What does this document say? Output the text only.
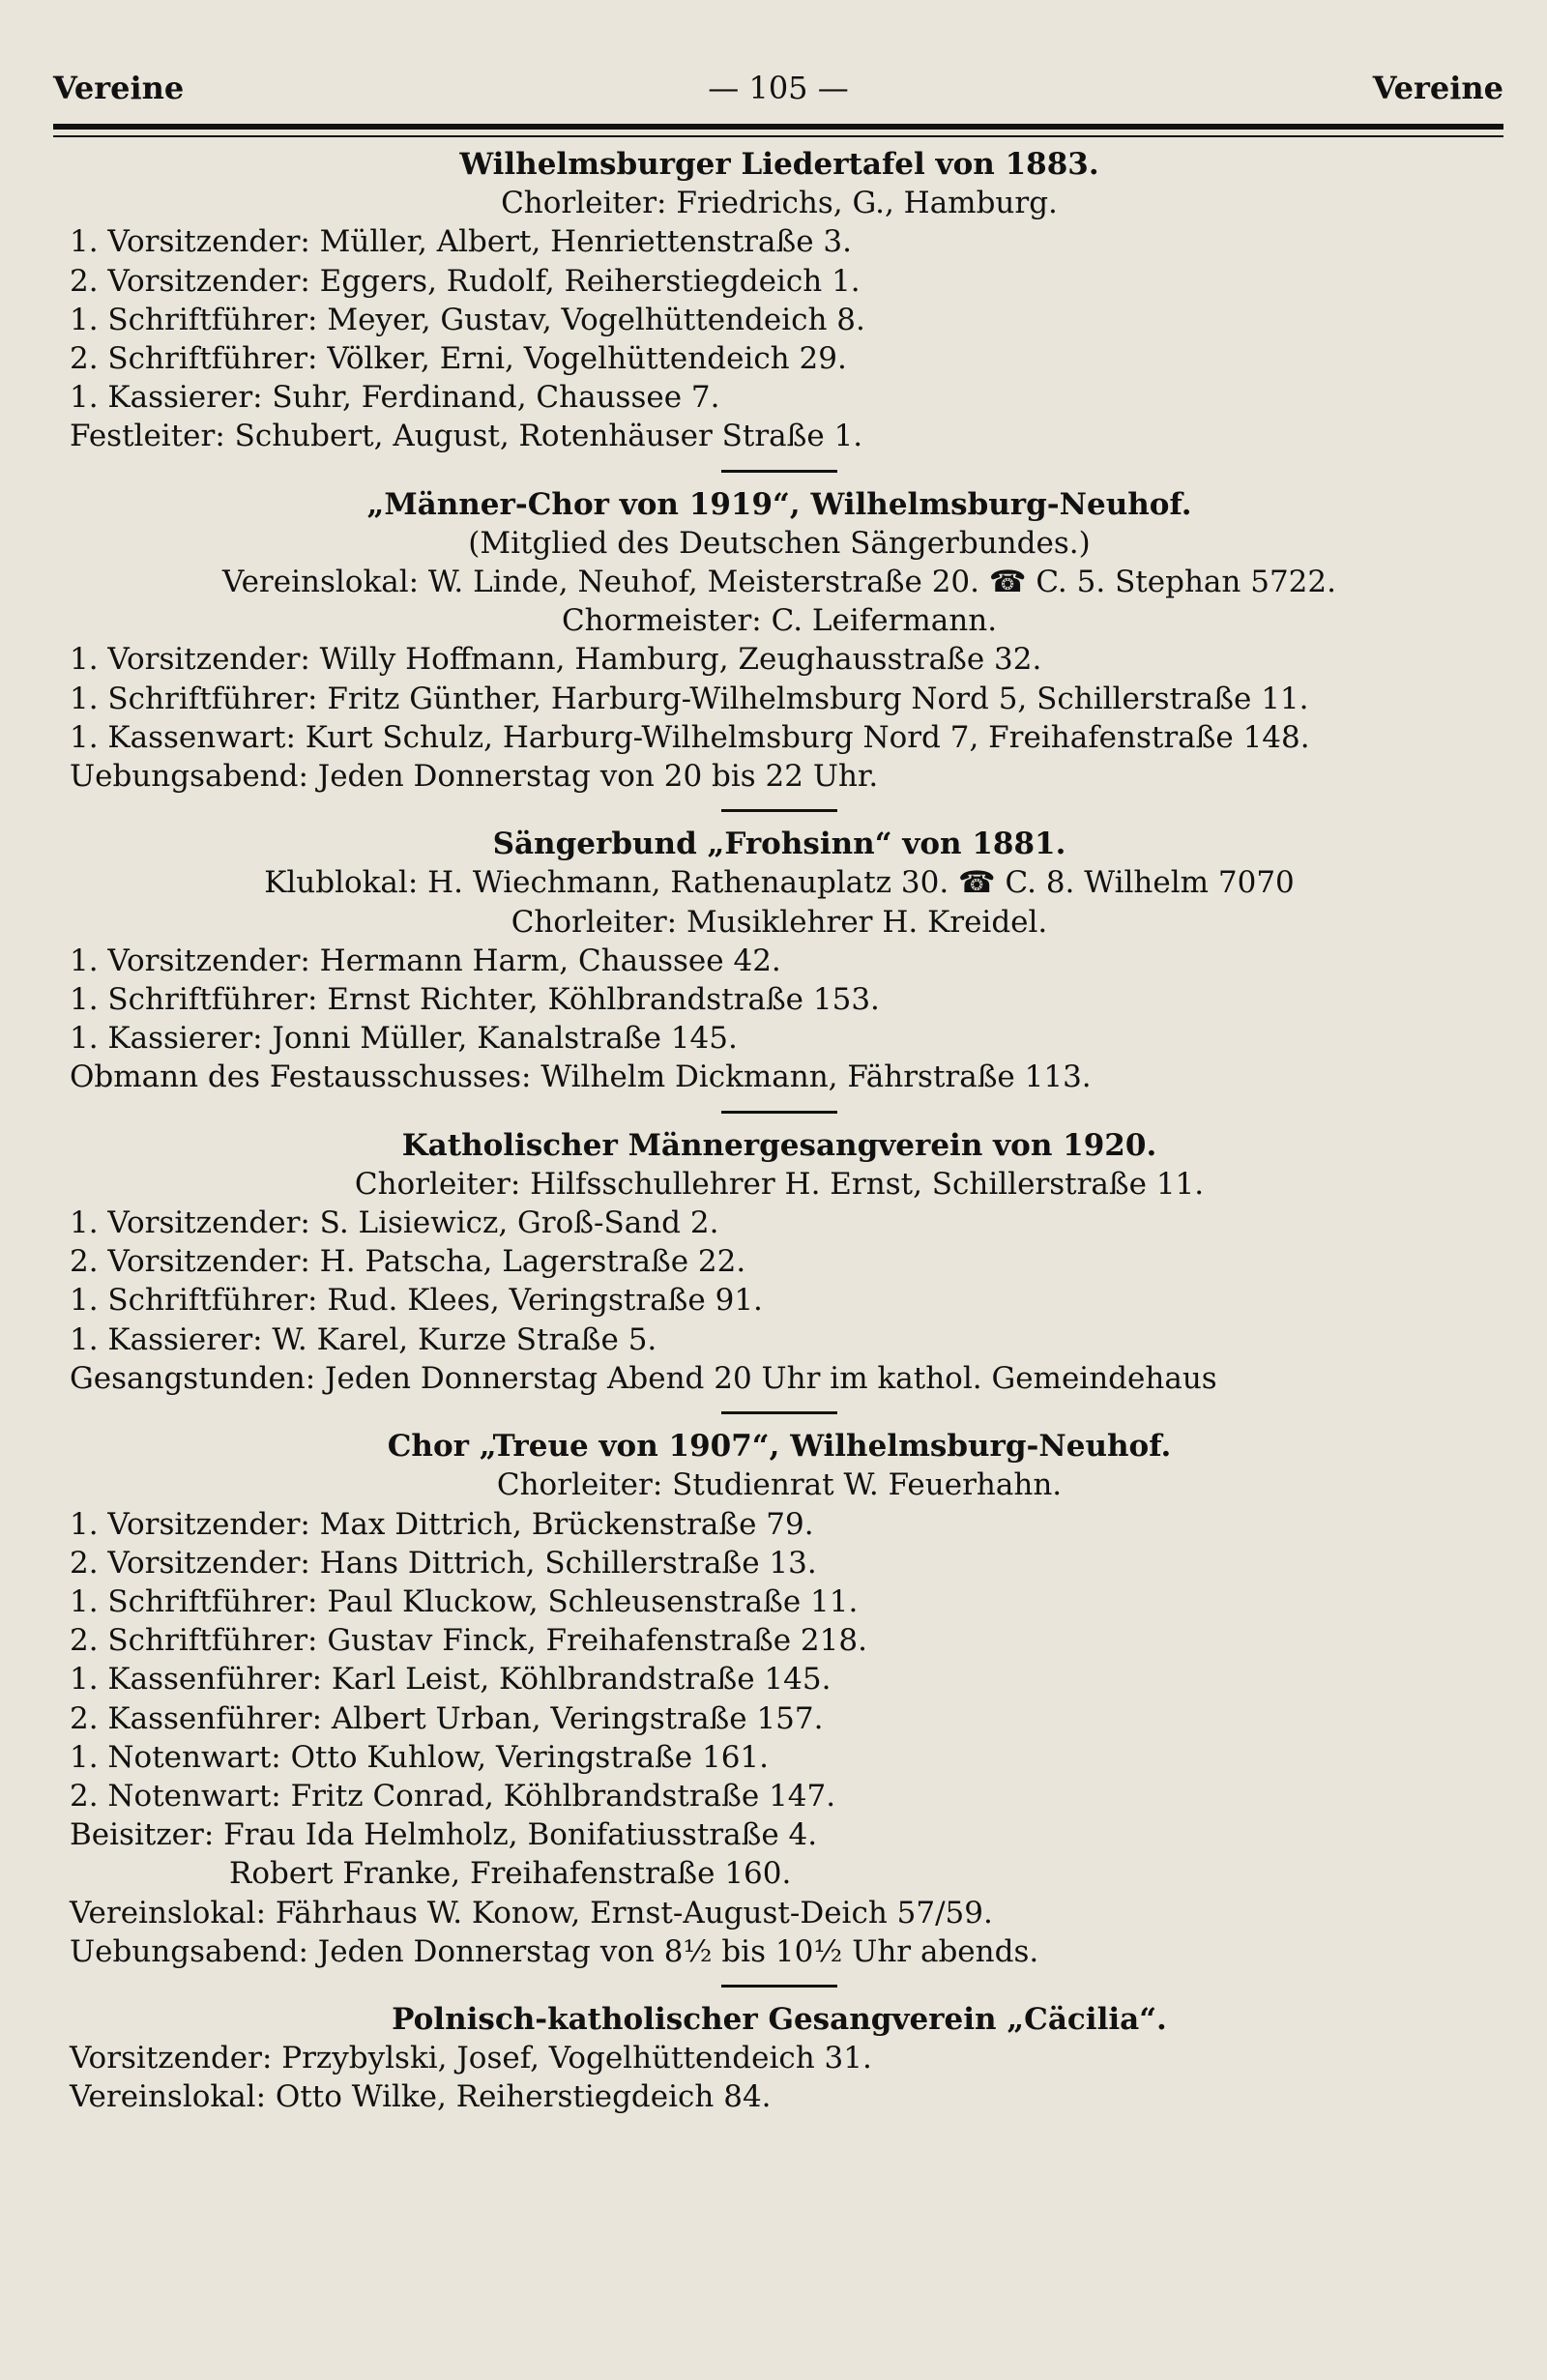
Vereine	— 105 —	Vereine
Wilhelmsburger Liedertafel von 1883.
Chorleiter: Friedrichs, G., Hamburg.
1. Vorsitzender: Müller, Albert, Henriettenstraße 3.
2. Vorsitzender: Eggers, Rudolf, Reiherstiegdeich 1.
1. Schriftführer: Meyer, Gustav, Vogelhüttendeich 8.
2. Schriftführer: Völker, Erni, Vogelhüttendeich 29.
1. Kassierer: Suhr, Ferdinand, Chaussee 7.
Festleiter: Schubert, August, Rotenhäuser Straße 1.
„Männer-Chor von 1919“, Wilhelmsburg-Neuhof.
(Mitglied des Deutschen Sängerbundes.)
Vereinslokal: W. Linde, Neuhof, Meisterstraße 20. ☎ C. 5. Stephan 5722.
Chormeister: C. Leifermann.
1. Vorsitzender: Willy Hoffmann, Hamburg, Zeughausstraße 32.
1. Schriftführer: Fritz Günther, Harburg-Wilhelmsburg Nord 5, Schillerstraße 11.
1. Kassenwart: Kurt Schulz, Harburg-Wilhelmsburg Nord 7, Freihafenstraße 148.
Uebungsabend: Jeden Donnerstag von 20 bis 22 Uhr.
Sängerbund „Frohsinn“ von 1881.
Klublokal: H. Wiechmann, Rathenauplatz 30. ☎ C. 8. Wilhelm 7070
Chorleiter: Musiklehrer H. Kreidel.
1. Vorsitzender: Hermann Harm, Chaussee 42.
1. Schriftführer: Ernst Richter, Köhlbrandstraße 153.
1. Kassierer: Jonni Müller, Kanalstraße 145.
Obmann des Festausschusses: Wilhelm Dickmann, Fährstraße 113.
Katholischer Männergesangverein von 1920.
Chorleiter: Hilfsschullehrer H. Ernst, Schillerstraße 11.
1. Vorsitzender: S. Lisiewicz, Groß-Sand 2.
2. Vorsitzender: H. Patscha, Lagerstraße 22.
1. Schriftführer: Rud. Klees, Veringstraße 91.
1. Kassierer: W. Karel, Kurze Straße 5.
Gesangstunden: Jeden Donnerstag Abend 20 Uhr im kathol. Gemeindehaus
Chor „Treue von 1907“, Wilhelmsburg-Neuhof.
Chorleiter: Studienrat W. Feuerhahn.
1. Vorsitzender: Max Dittrich, Brückenstraße 79.
2. Vorsitzender: Hans Dittrich, Schillerstraße 13.
1. Schriftführer: Paul Kluckow, Schleusenstraße 11.
2. Schriftführer: Gustav Finck, Freihafenstraße 218.
1. Kassenführer: Karl Leist, Köhlbrandstraße 145.
2. Kassenführer: Albert Urban, Veringstraße 157.
1. Notenwart: Otto Kuhlow, Veringstraße 161.
2. Notenwart: Fritz Conrad, Köhlbrandstraße 147.
Beisitzer: Frau Ida Helmholz, Bonifatiusstraße 4.
Robert Franke, Freihafenstraße 160.
Vereinslokal: Fährhaus W. Konow, Ernst-August-Deich 57/59.
Uebungsabend: Jeden Donnerstag von 8½ bis 10½ Uhr abends.
Polnisch-katholischer Gesangverein „Cäcilia“.
Vorsitzender: Przybylski, Josef, Vogelhüttendeich 31.
Vereinslokal: Otto Wilke, Reiherstiegdeich 84.
